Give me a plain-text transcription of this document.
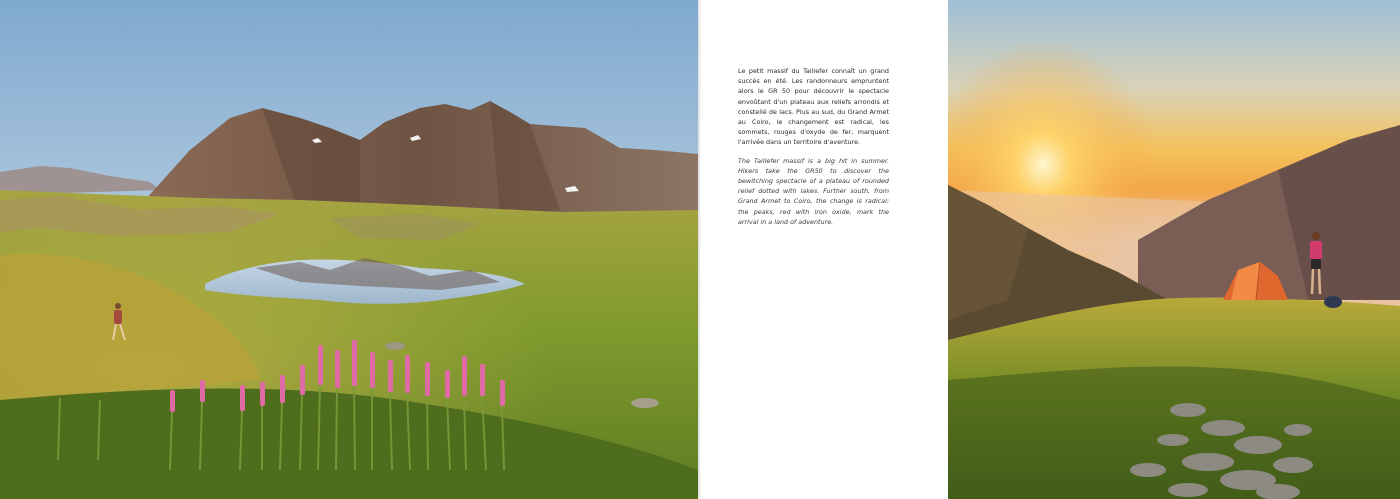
Le petit massif du Taillefer connaît un grand succès en été. Les randonneurs empruntent alors le GR 50 pour découvrir le spectacle envoûtant d'un plateau aux reliefs arrondis et constellé de lacs. Plus au sud, du Grand Armet au Coiro, le changement est radical, les sommets, rouges d'oxyde de fer, marquent l'arrivée dans un territoire d'aventure.

The Taillefer massif is a big hit in summer. Hikers take the GR50 to discover the bewitching spectacle of a plateau of rounded relief dotted with lakes. Further south, from Grand Armet to Coiro, the change is radical: the peaks, red with iron oxide, mark the arrival in a land of adventure.
